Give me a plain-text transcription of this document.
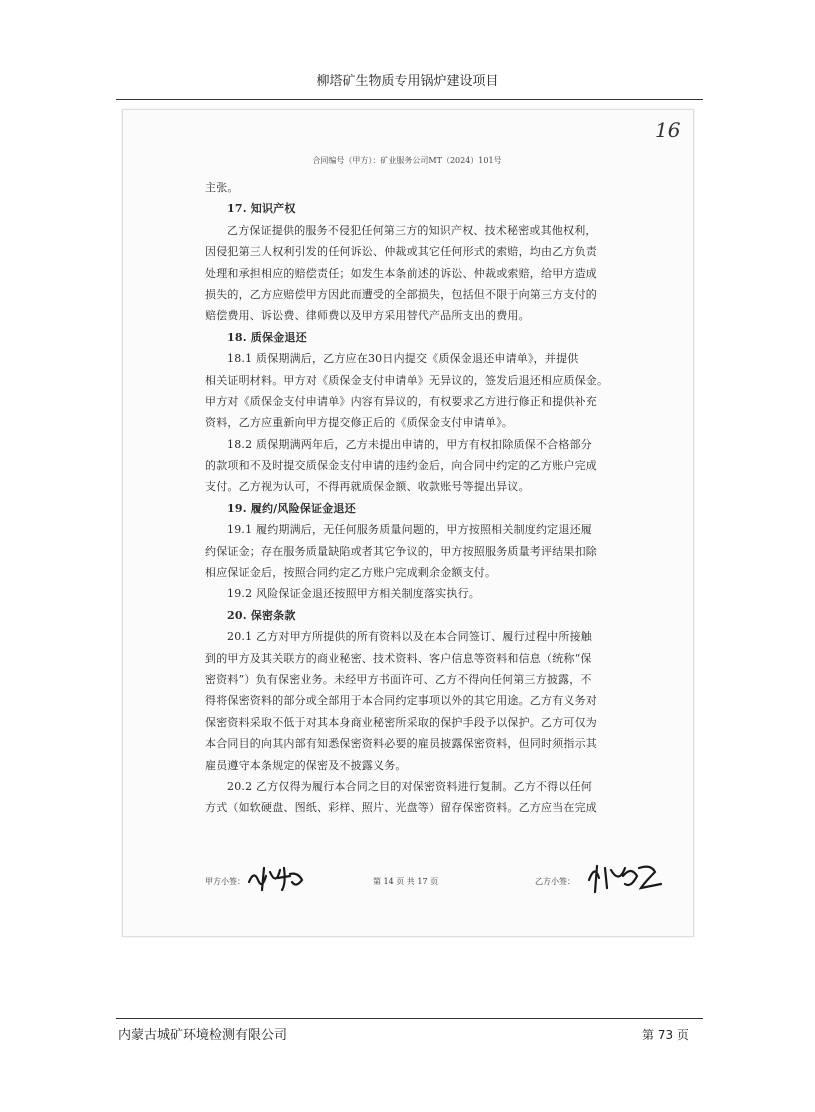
柳塔矿生物质专用锅炉建设项目
16
合同编号（甲方）：矿业服务公司MT（2024）101号
主张。
17. 知识产权
乙方保证提供的服务不侵犯任何第三方的知识产权、技术秘密或其他权利，
因侵犯第三人权利引发的任何诉讼、仲裁或其它任何形式的索赔，均由乙方负责
处理和承担相应的赔偿责任；如发生本条前述的诉讼、仲裁或索赔，给甲方造成
损失的，乙方应赔偿甲方因此而遭受的全部损失，包括但不限于向第三方支付的
赔偿费用、诉讼费、律师费以及甲方采用替代产品所支出的费用。
18. 质保金退还
18.1 质保期满后，乙方应在30日内提交《质保金退还申请单》，并提供
相关证明材料。甲方对《质保金支付申请单》无异议的，签发后退还相应质保金。
甲方对《质保金支付申请单》内容有异议的，有权要求乙方进行修正和提供补充
资料，乙方应重新向甲方提交修正后的《质保金支付申请单》。
18.2 质保期满两年后，乙方未提出申请的，甲方有权扣除质保不合格部分
的款项和不及时提交质保金支付申请的违约金后，向合同中约定的乙方账户完成
支付。乙方视为认可，不得再就质保金额、收款账号等提出异议。
19. 履约/风险保证金退还
19.1 履约期满后，无任何服务质量问题的，甲方按照相关制度约定退还履
约保证金；存在服务质量缺陷或者其它争议的，甲方按照服务质量考评结果扣除
相应保证金后，按照合同约定乙方账户完成剩余金额支付。
19.2 风险保证金退还按照甲方相关制度落实执行。
20. 保密条款
20.1 乙方对甲方所提供的所有资料以及在本合同签订、履行过程中所接触
到的甲方及其关联方的商业秘密、技术资料、客户信息等资料和信息（统称“保
密资料”）负有保密业务。未经甲方书面许可、乙方不得向任何第三方披露，不
得将保密资料的部分或全部用于本合同约定事项以外的其它用途。乙方有义务对
保密资料采取不低于对其本身商业秘密所采取的保护手段予以保护。乙方可仅为
本合同目的向其内部有知悉保密资料必要的雇员披露保密资料，但同时须指示其
雇员遵守本条规定的保密及不披露义务。
20.2 乙方仅得为履行本合同之目的对保密资料进行复制。乙方不得以任何
方式（如软硬盘、图纸、彩样、照片、光盘等）留存保密资料。乙方应当在完成
甲方小签：	第 14 页 共 17 页	乙方小签：
内蒙古城矿环境检测有限公司	第 73 页
